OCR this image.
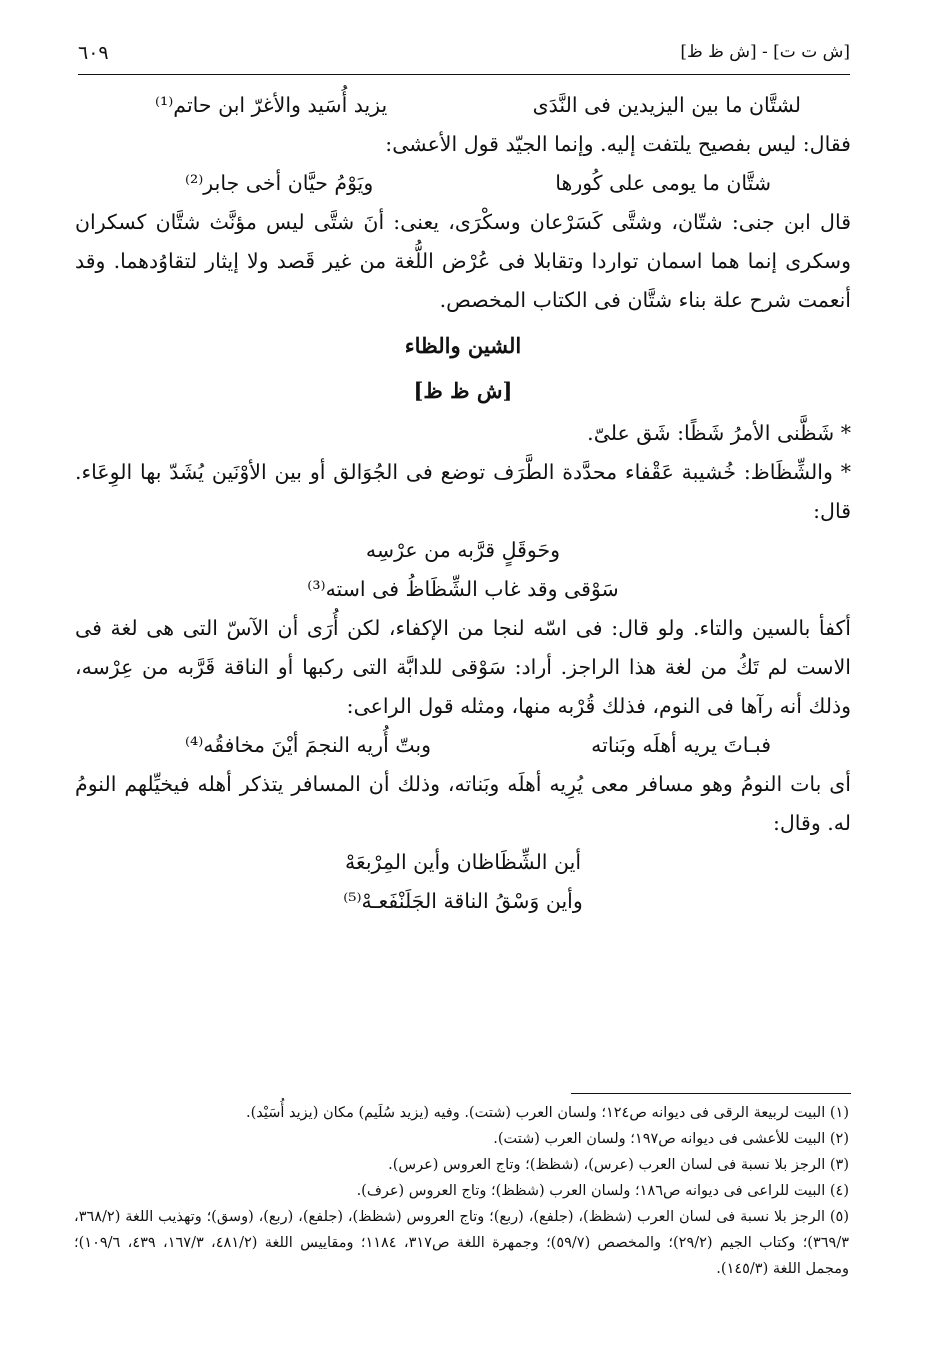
[ش ت ت] - [ش ظ ظ]
٦٠٩
لشتَّان ما بين اليزيدين فى النَّدَى
يزيد أُسَيد والأغرّ ابن حاتم⁽¹⁾

فقال: ليس بفصيح يلتفت إليه. وإنما الجيّد قول الأعشى:

شتَّان ما يومى على كُورها
ويَوْمُ حيَّان أخى جابر⁽²⁾

قال ابن جنى: شتّان، وشتَّى كَسَرْعان وسكْرَى، يعنى: أنَ شتَّى ليس مؤنَّث شتَّان كسكران وسكرى إنما هما اسمان تواردا وتقابلا فى عُرْض اللُّغة من غير قَصد ولا إيثار لتقاوُدهما. وقد أنعمت شرح علة بناء شتَّان فى الكتاب المخصص.

الشين والظاء
[ش ظ ظ]

* شَظَّنى الأمرُ شَظًا: شَق علىّ.

* والشِّظَاظ: خُشيبة عَقْفاء محدَّدة الطَّرَف توضع فى الجُوَالق أو بين الأوْنَين يُشَدّ بها الوِعَاء. قال:

وحَوقَلٍ قرَّبه من عرْسِه
سَوْقى وقد غاب الشِّظَاظُ فى استه⁽³⁾

أكفأ بالسين والتاء. ولو قال: فى اسّه لنجا من الإكفاء، لكن أُرَى أن الآسّ التى هى لغة فى الاست لم تَكُ من لغة هذا الراجز. أراد: سَوْقى للدابَّة التى ركبها أو الناقة قَرَّبه من عِرْسه، وذلك أنه رآها فى النوم، فذلك قُرْبه منها، ومثله قول الراعى:

فبـاتَ يريه أهلَه وبَناته
وبتّ أُريه النجمَ أيْنَ مخافقُه⁽⁴⁾

أى بات النومُ وهو مسافر معى يُرِيه أهلَه وبَناته، وذلك أن المسافر يتذكر أهله فيخيِّلهم النومُ له. وقال:

أين الشِّظَاظان وأين المِرْبعَهْ
وأين وَسْقُ الناقة الجَلَنْفَعـهْ⁽⁵⁾

(١) البيت لربيعة الرقى فى ديوانه ص١٢٤؛ ولسان العرب (شتت). وفيه (يزيد سُلَيم) مكان (يزيد أُسَيْد).

(٢) البيت للأعشى فى ديوانه ص١٩٧؛ ولسان العرب (شتت).

(٣) الرجز بلا نسبة فى لسان العرب (عرس)، (شظظ)؛ وتاج العروس (عرس).

(٤) البيت للراعى فى ديوانه ص١٨٦؛ ولسان العرب (شظظ)؛ وتاج العروس (عرف).

(٥) الرجز بلا نسبة فى لسان العرب (شظظ)، (جلفع)، (ربع)؛ وتاج العروس (شظظ)، (جلفع)، (ربع)، (وسق)؛ وتهذيب اللغة (٣٦٨/٢، ٣٦٩/٣)؛ وكتاب الجيم (٢٩/٢)؛ والمخصص (٥٩/٧)؛ وجمهرة اللغة ص٣١٧، ١١٨٤؛ ومقاييس اللغة (٤٨١/٢، ١٦٧/٣، ٤٣٩، ١٠٩/٦)؛ ومجمل اللغة (١٤٥/٣).
